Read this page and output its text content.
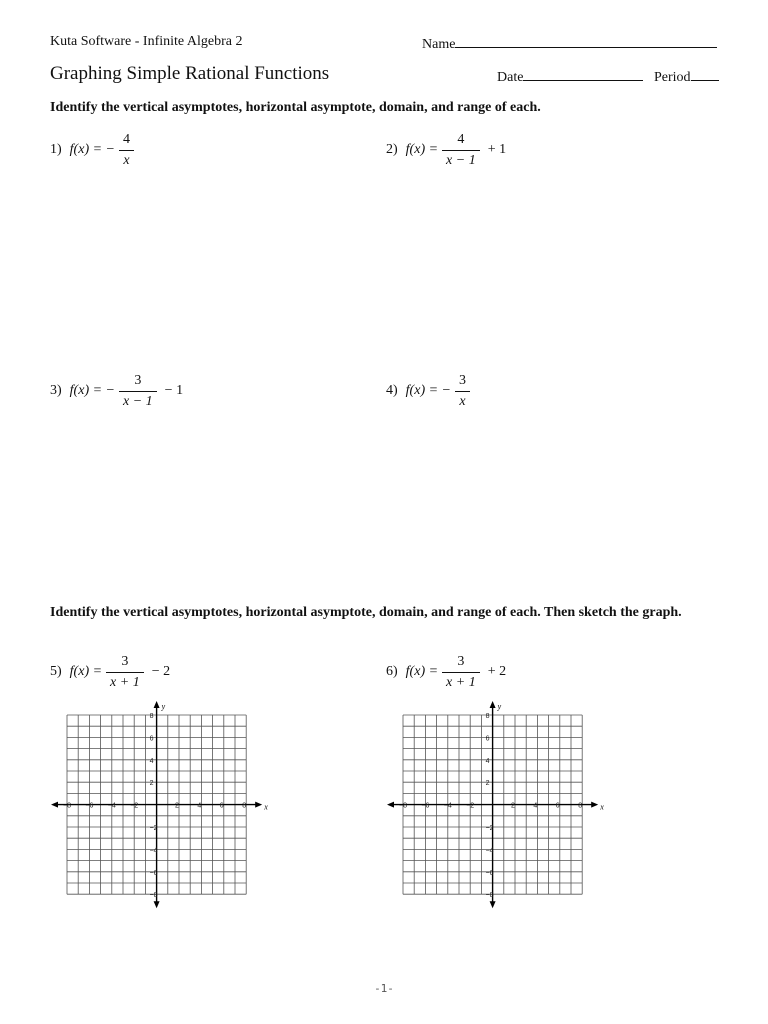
Kuta Software - Infinite Algebra 2
Graphing Simple Rational Functions
Name
Date	Period
Identify the vertical asymptotes, horizontal asymptote, domain, and range of each.
1) f(x) = − $\frac{4}{x}$	2) $f(x) = \frac{4}{x - 1} + 1$
3) f(x) = − $\frac{3}{x - 1} - 1$	4) f(x) = − $\frac{3}{x}$
Identify the vertical asymptotes, horizontal asymptote, domain, and range of each. Then sketch the graph.
5) $f(x) = \frac{3}{x + 1} - 2$	6) $f(x) = \frac{3}{x + 1} + 2$
x
y
−8 −6 −4 −2	2	4	6	8
8
6
4
2
−2
−4
−6
−8
x
y
−8 −6 −4 −2	2	4	6	8
8
6
4
2
−2
−4
−6
−8
-1-
